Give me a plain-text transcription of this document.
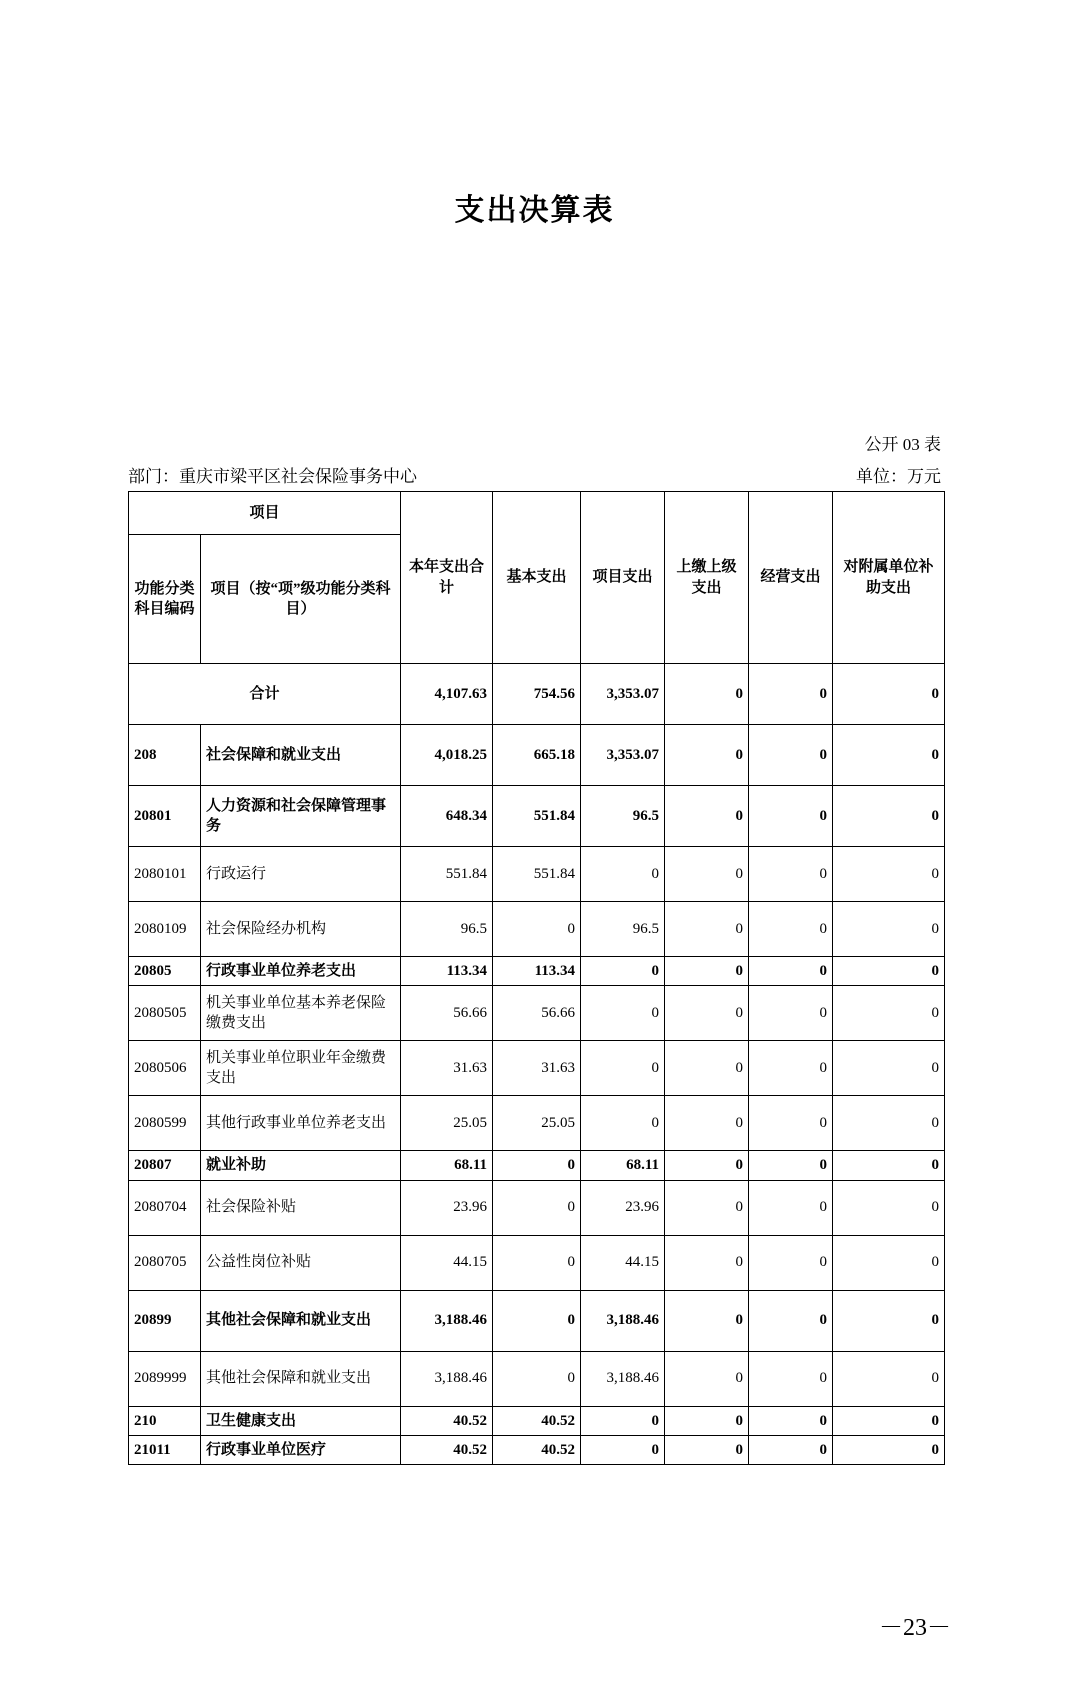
支出决算表
公开 03 表
单位：万元
部门：重庆市梁平区社会保险事务中心
项目		本年支出合计	基本支出	项目支出	上缴上级支出	经营支出	对附属单位补助支出
功能分类科目编码	项目（按“项”级功能分类科目）						
合计		4,107.63	754.56	3,353.07	0	0	0
208	社会保障和就业支出	4,018.25	665.18	3,353.07	0	0	0
20801	人力资源和社会保障管理事务	648.34	551.84	96.5	0	0	0
2080101	行政运行	551.84	551.84	0	0	0	0
2080109	社会保险经办机构	96.5	0	96.5	0	0	0
20805	行政事业单位养老支出	113.34	113.34	0	0	0	0
2080505	机关事业单位基本养老保险缴费支出	56.66	56.66	0	0	0	0
2080506	机关事业单位职业年金缴费支出	31.63	31.63	0	0	0	0
2080599	其他行政事业单位养老支出	25.05	25.05	0	0	0	0
20807	就业补助	68.11	0	68.11	0	0	0
2080704	社会保险补贴	23.96	0	23.96	0	0	0
2080705	公益性岗位补贴	44.15	0	44.15	0	0	0
20899	其他社会保障和就业支出	3,188.46	0	3,188.46	0	0	0
2089999	其他社会保障和就业支出	3,188.46	0	3,188.46	0	0	0
210	卫生健康支出	40.52	40.52	0	0	0	0
21011	行政事业单位医疗	40.52	40.52	0	0	0	0
－23－
